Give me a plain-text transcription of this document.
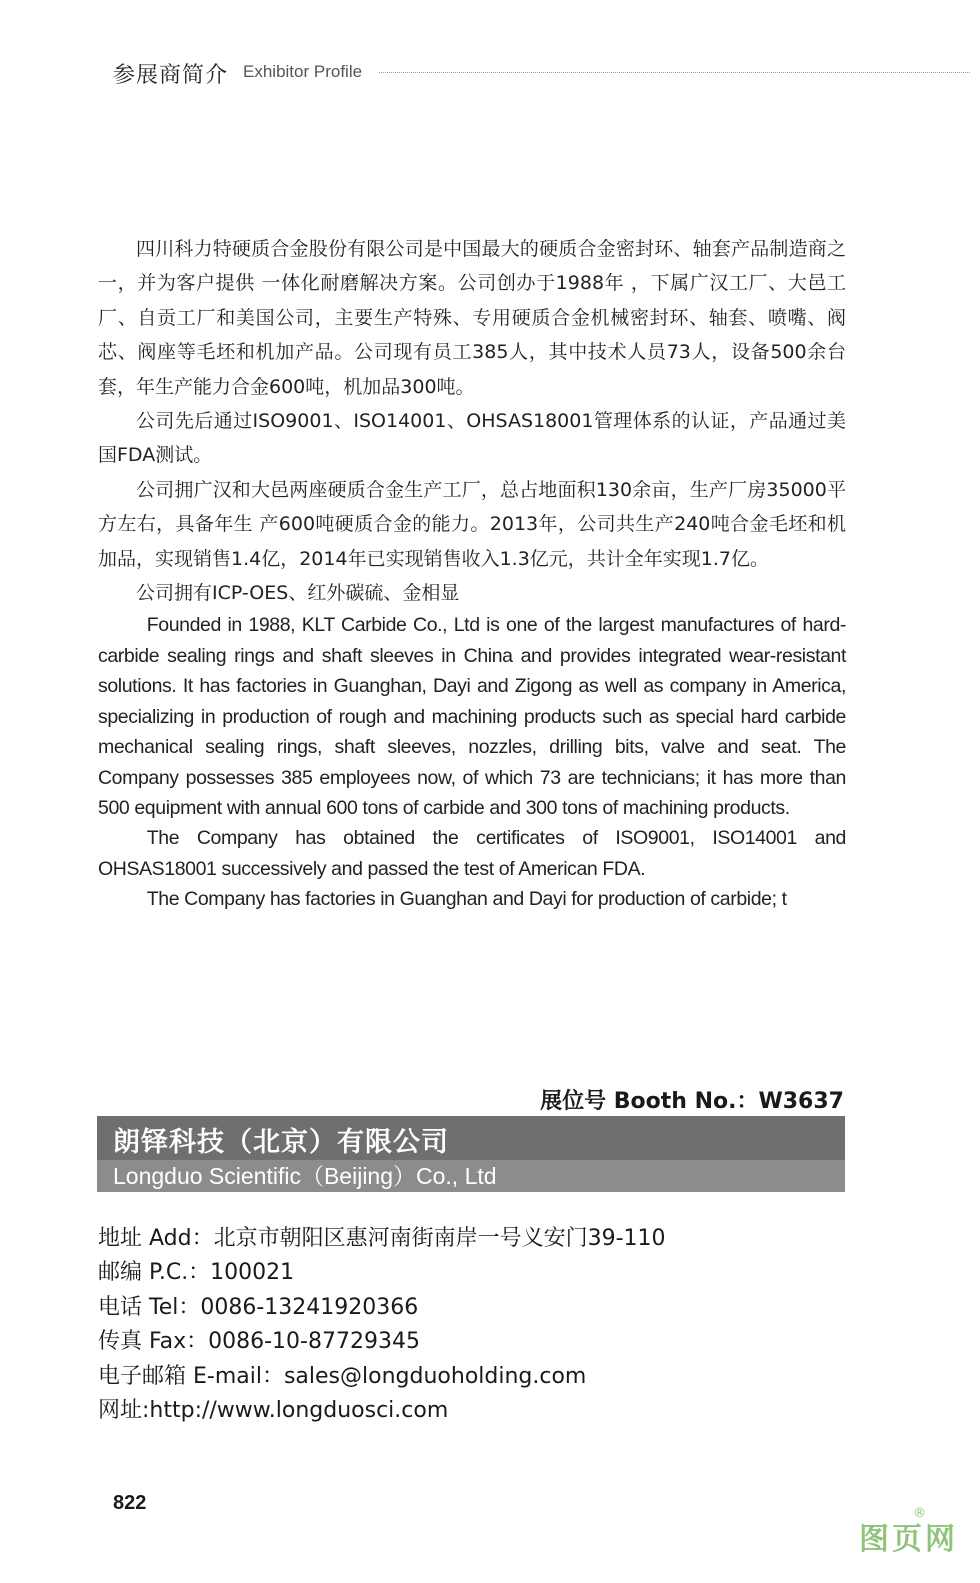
参展商简介 Exhibitor Profile

四川科力特硬质合金股份有限公司是中国最大的硬质合金密封环、轴套产品制造商之一，并为客户提供 一体化耐磨解决方案。公司创办于1988年 ，下属广汉工厂、大邑工厂、自贡工厂和美国公司，主要生产特殊、专用硬质合金机械密封环、轴套、喷嘴、阀芯、阀座等毛坯和机加产品。公司现有员工385人，其中技术人员73人，设备500余台套，年生产能力合金600吨，机加品300吨。

公司先后通过ISO9001、ISO14001、OHSAS18001管理体系的认证，产品通过美国FDA测试。

公司拥广汉和大邑两座硬质合金生产工厂，总占地面积130余亩，生产厂房35000平方左右，具备年生 产600吨硬质合金的能力。2013年，公司共生产240吨合金毛坯和机加品，实现销售1.4亿，2014年已实现销售收入1.3亿元，共计全年实现1.7亿。

公司拥有ICP-OES、红外碳硫、金相显

Founded in 1988, KLT Carbide Co., Ltd is one of the largest manufactures of hard-carbide sealing rings and shaft sleeves in China and provides integrated wear-resistant solutions. It has factories in Guanghan, Dayi and Zigong as well as company in America, specializing in production of rough and machining products such as special hard carbide mechanical sealing rings, shaft sleeves, nozzles, drilling bits, valve and seat. The Company possesses 385 employees now, of which 73 are technicians; it has more than 500 equipment with annual 600 tons of carbide and 300 tons of machining products.

The Company has obtained the certificates of ISO9001, ISO14001 and OHSAS18001 successively and passed the test of American FDA.

The Company has factories in Guanghan and Dayi for production of carbide; t

展位号 Booth No.：W3637
朗铎科技（北京）有限公司
Longduo Scientific（Beijing）Co., Ltd
地址 Add：北京市朝阳区惠河南街南岸一号义安门39-110
邮编 P.C.：100021
电话 Tel：0086-13241920366
传真 Fax：0086-10-87729345
电子邮箱 E-mail：sales@longduoholding.com
网址:http://www.longduosci.com
822	®
图页网
